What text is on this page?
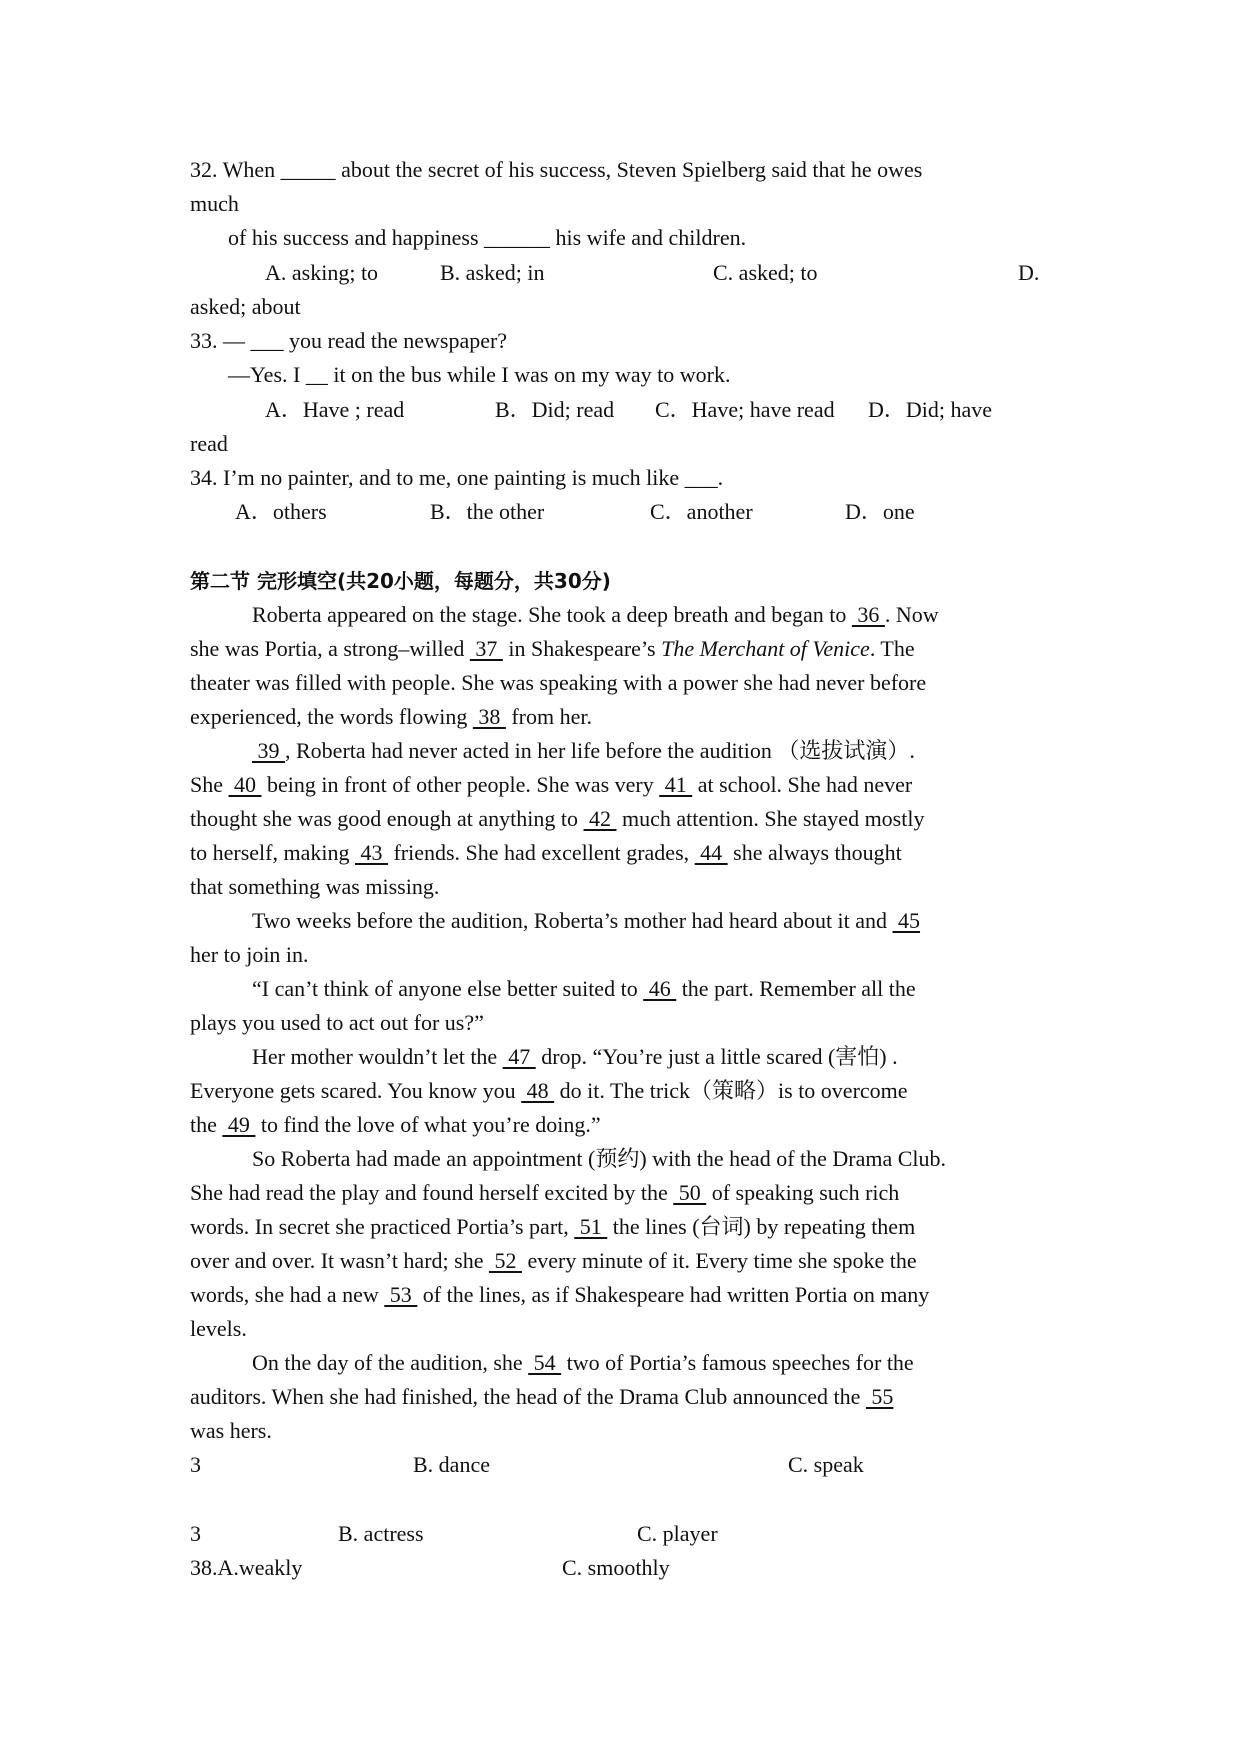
32. When _____ about the secret of his success, Steven Spielberg said that he owes
much
of his success and happiness ______ his wife and children.
A. asking; to	B. asked; in	C. asked; to	D.
asked; about
33. — ___ you read the newspaper?
—Yes. I __ it on the bus while I was on my way to work.
A．Have ; read	B．Did; read C．Have; have read D．Did; have
read
34. I’m no painter, and to me, one painting is much like ___.
A．others	B．the other	C．another	D．one
第二节 完形填空(共20小题，每题分，共30分)
Roberta appeared on the stage. She took a deep breath and began to  36 . Now
she was Portia, a strong–willed  37  in Shakespeare’s The Merchant of Venice. The
theater was filled with people. She was speaking with a power she had never before
experienced, the words flowing  38  from her.
39 , Roberta had never acted in her life before the audition （选拔试演）.
She  40  being in front of other people. She was very  41  at school. She had never
thought she was good enough at anything to  42  much attention. She stayed mostly
to herself, making  43  friends. She had excellent grades,  44  she always thought
that something was missing.
Two weeks before the audition, Roberta’s mother had heard about it and  45
her to join in.
“I can’t think of anyone else better suited to  46  the part. Remember all the
plays you used to act out for us?”
Her mother wouldn’t let the  47  drop. “You’re just a little scared (害怕) .
Everyone gets scared. You know you  48  do it. The trick（策略）is to overcome
the  49  to find the love of what you’re doing.”
So Roberta had made an appointment (预约) with the head of the Drama Club.
She had read the play and found herself excited by the  50  of speaking such rich
words. In secret she practiced Portia’s part,  51  the lines (台词) by repeating them
over and over. It wasn’t hard; she  52  every minute of it. Every time she spoke the
words, she had a new  53  of the lines, as if Shakespeare had written Portia on many
levels.
On the day of the audition, she  54  two of Portia’s famous speeches for the
auditors. When she had finished, the head of the Drama Club announced the  55
was hers.
3	B. dance	C. speak
3	B. actress	C. player
38.A.weakly	C. smoothly
